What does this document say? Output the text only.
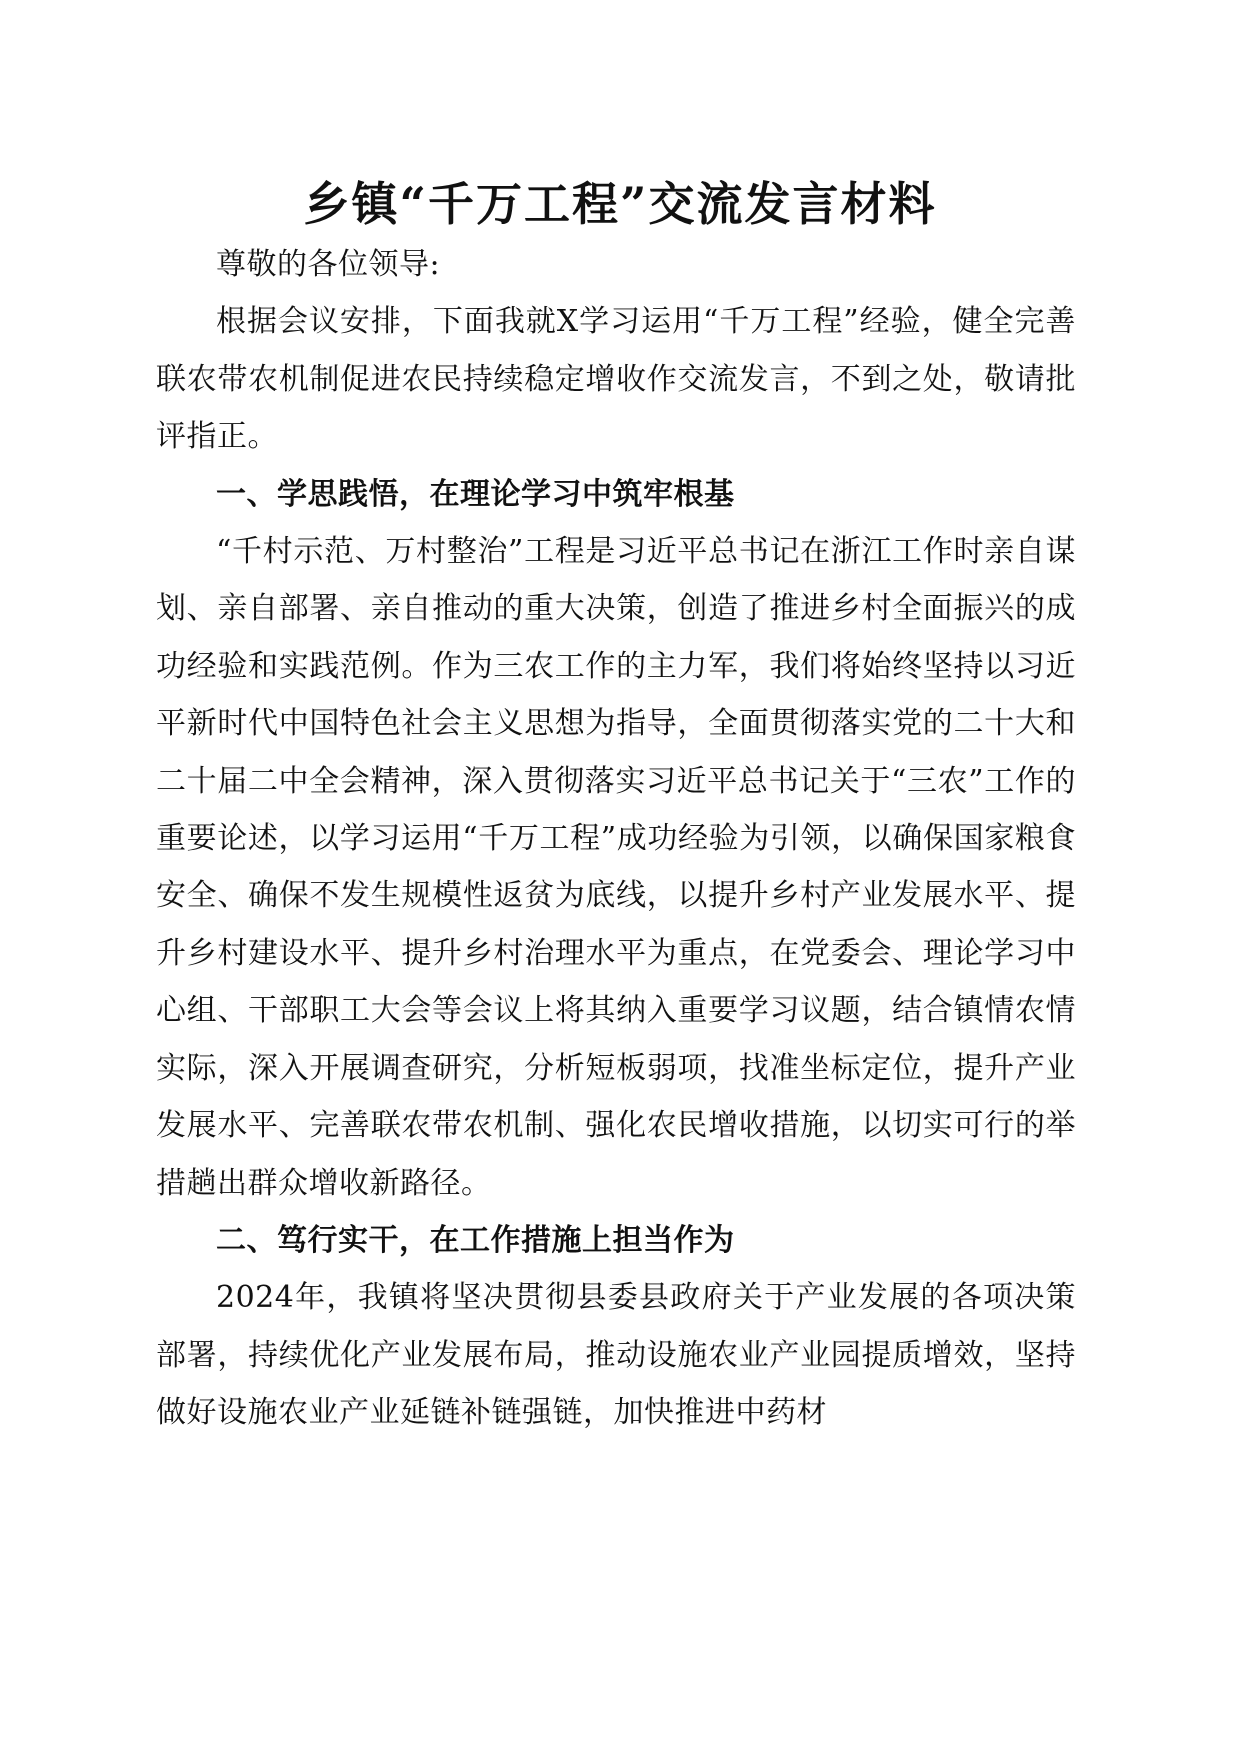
乡镇“千万工程”交流发言材料

尊敬的各位领导:

根据会议安排，下面我就X学习运用“千万工程”经验，健全完善联农带农机制促进农民持续稳定增收作交流发言，不到之处，敬请批评指正。

一、学思践悟，在理论学习中筑牢根基

“千村示范、万村整治”工程是习近平总书记在浙江工作时亲自谋划、亲自部署、亲自推动的重大决策，创造了推进乡村全面振兴的成功经验和实践范例。作为三农工作的主力军，我们将始终坚持以习近平新时代中国特色社会主义思想为指导，全面贯彻落实党的二十大和二十届二中全会精神，深入贯彻落实习近平总书记关于“三农”工作的重要论述，以学习运用“千万工程”成功经验为引领，以确保国家粮食安全、确保不发生规模性返贫为底线，以提升乡村产业发展水平、提升乡村建设水平、提升乡村治理水平为重点，在党委会、理论学习中心组、干部职工大会等会议上将其纳入重要学习议题，结合镇情农情实际，深入开展调查研究，分析短板弱项，找准坐标定位，提升产业发展水平、完善联农带农机制、强化农民增收措施，以切实可行的举措趟出群众增收新路径。

二、笃行实干，在工作措施上担当作为

2024年，我镇将坚决贯彻县委县政府关于产业发展的各项决策部署，持续优化产业发展布局，推动设施农业产业园提质增效，坚持做好设施农业产业延链补链强链，加快推进中药材
